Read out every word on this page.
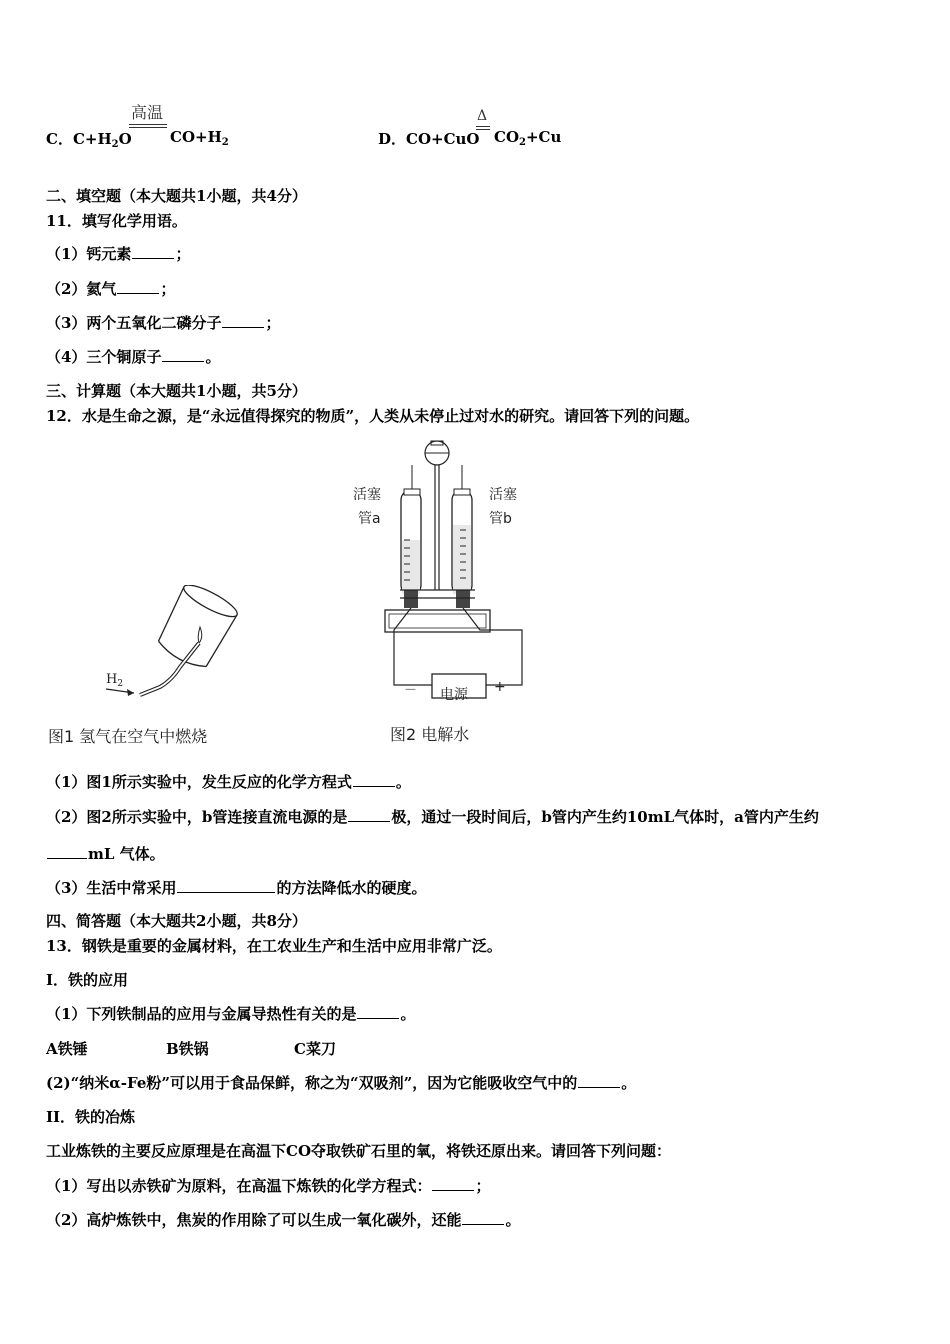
C．$C+H_2O$
高温
$CO+H_2$	D．CO+CuO
Δ
$CO_2+Cu$
二、填空题（本大题共1小题，共4分）
11．填写化学用语。
（1）钙元素	；
（2）氦气	；
（3）两个五氧化二磷分子	；
（4）三个铜原子	。
三、计算题（本大题共1小题，共5分）
12．水是生命之源，是“永远值得探究的物质”，人类从未停止过对水的研究。请回答下列的问题。
$H_2$
图1 氢气在空气中燃烧
活塞	活塞
管a	管b
电源
－	+
图2 电解水
（1）图1所示实验中，发生反应的化学方程式	。
（2）图2所示实验中，b管连接直流电源的是	极，通过一段时间后，b管内产生约10mL气体时，a管内产生约
mL 气体。
（3）生活中常采用	的方法降低水的硬度。
四、简答题（本大题共2小题，共8分）
13．钢铁是重要的金属材料，在工农业生产和生活中应用非常广泛。
I．铁的应用
（1）下列铁制品的应用与金属导热性有关的是	。
A铁锤	B铁锅	C菜刀
(2)“纳米α-Fe粉”可以用于食品保鲜，称之为“双吸剂”，因为它能吸收空气中的	。
II．铁的冶炼
工业炼铁的主要反应原理是在高温下CO夺取铁矿石里的氧，将铁还原出来。请回答下列问题：
（1）写出以赤铁矿为原料，在高温下炼铁的化学方程式：	；
（2）高炉炼铁中，焦炭的作用除了可以生成一氧化碳外，还能	。
